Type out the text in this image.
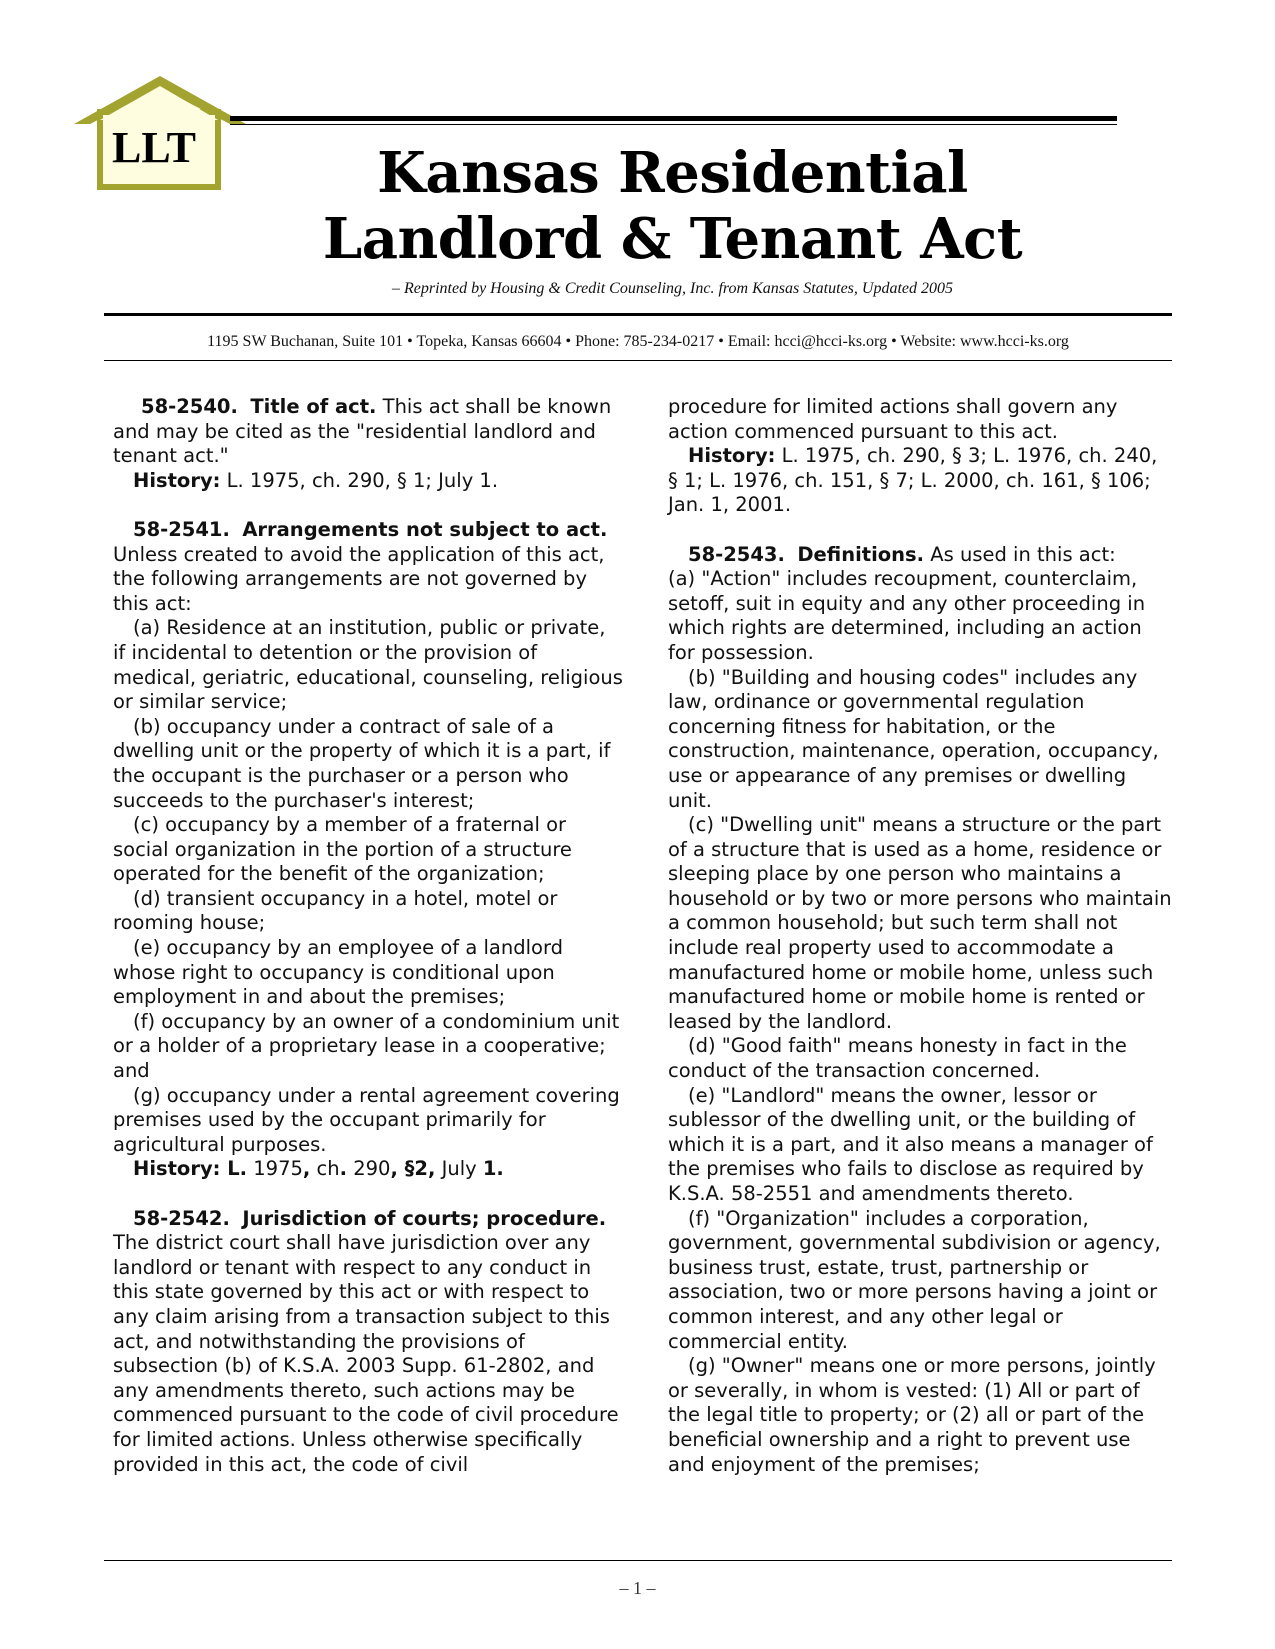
LLT	Kansas Residential
Landlord & Tenant Act
– Reprinted by Housing & Credit Counseling, Inc. from Kansas Statutes, Updated 2005
1195 SW Buchanan, Suite 101 • Topeka, Kansas 66604 • Phone: 785-234-0217 • Email: hcci@hcci-ks.org • Website: www.hcci-ks.org

58-2540. Title of act. This act shall be known and may be cited as the "residential landlord and tenant act."

History: L. 1975, ch. 290, § 1; July 1.

58-2541. Arrangements not subject to act. Unless created to avoid the application of this act, the following arrangements are not governed by this act:

(a) Residence at an institution, public or private, if incidental to detention or the provision of medical, geriatric, educational, counseling, religious or similar service;

(b) occupancy under a contract of sale of a dwelling unit or the property of which it is a part, if the occupant is the purchaser or a person who succeeds to the purchaser's interest;

(c) occupancy by a member of a fraternal or social organization in the portion of a structure operated for the benefit of the organization;

(d) transient occupancy in a hotel, motel or rooming house;

(e) occupancy by an employee of a landlord whose right to occupancy is conditional upon employment in and about the premises;

(f) occupancy by an owner of a condominium unit or a holder of a proprietary lease in a cooperative; and

(g) occupancy under a rental agreement covering premises used by the occupant primarily for agricultural purposes.

History: L. 1975, ch. 290, §2, July 1.

58-2542. Jurisdiction of courts; procedure. The district court shall have jurisdiction over any landlord or tenant with respect to any conduct in this state governed by this act or with respect to any claim arising from a transaction subject to this act, and notwithstanding the provisions of subsection (b) of K.S.A. 2003 Supp. 61-2802, and any amendments thereto, such actions may be commenced pursuant to the code of civil procedure for limited actions. Unless otherwise specifically provided in this act, the code of civil

procedure for limited actions shall govern any action commenced pursuant to this act.

History: L. 1975, ch. 290, § 3; L. 1976, ch. 240, § 1; L. 1976, ch. 151, § 7; L. 2000, ch. 161, § 106; Jan. 1, 2001.

58-2543. Definitions. As used in this act:

(a) "Action" includes recoupment, counterclaim, setoff, suit in equity and any other proceeding in which rights are determined, including an action for possession.

(b) "Building and housing codes" includes any law, ordinance or governmental regulation concerning fitness for habitation, or the construction, maintenance, operation, occupancy, use or appearance of any premises or dwelling unit.

(c) "Dwelling unit" means a structure or the part of a structure that is used as a home, residence or sleeping place by one person who maintains a household or by two or more persons who maintain a common household; but such term shall not include real property used to accommodate a manufactured home or mobile home, unless such manufactured home or mobile home is rented or leased by the landlord.

(d) "Good faith" means honesty in fact in the conduct of the transaction concerned.

(e) "Landlord" means the owner, lessor or sublessor of the dwelling unit, or the building of which it is a part, and it also means a manager of the premises who fails to disclose as required by K.S.A. 58-2551 and amendments thereto.

(f) "Organization" includes a corporation, government, governmental subdivision or agency, business trust, estate, trust, partnership or association, two or more persons having a joint or common interest, and any other legal or commercial entity.

(g) "Owner" means one or more persons, jointly or severally, in whom is vested: (1) All or part of the legal title to property; or (2) all or part of the beneficial ownership and a right to prevent use and enjoyment of the premises;

– 1 –
